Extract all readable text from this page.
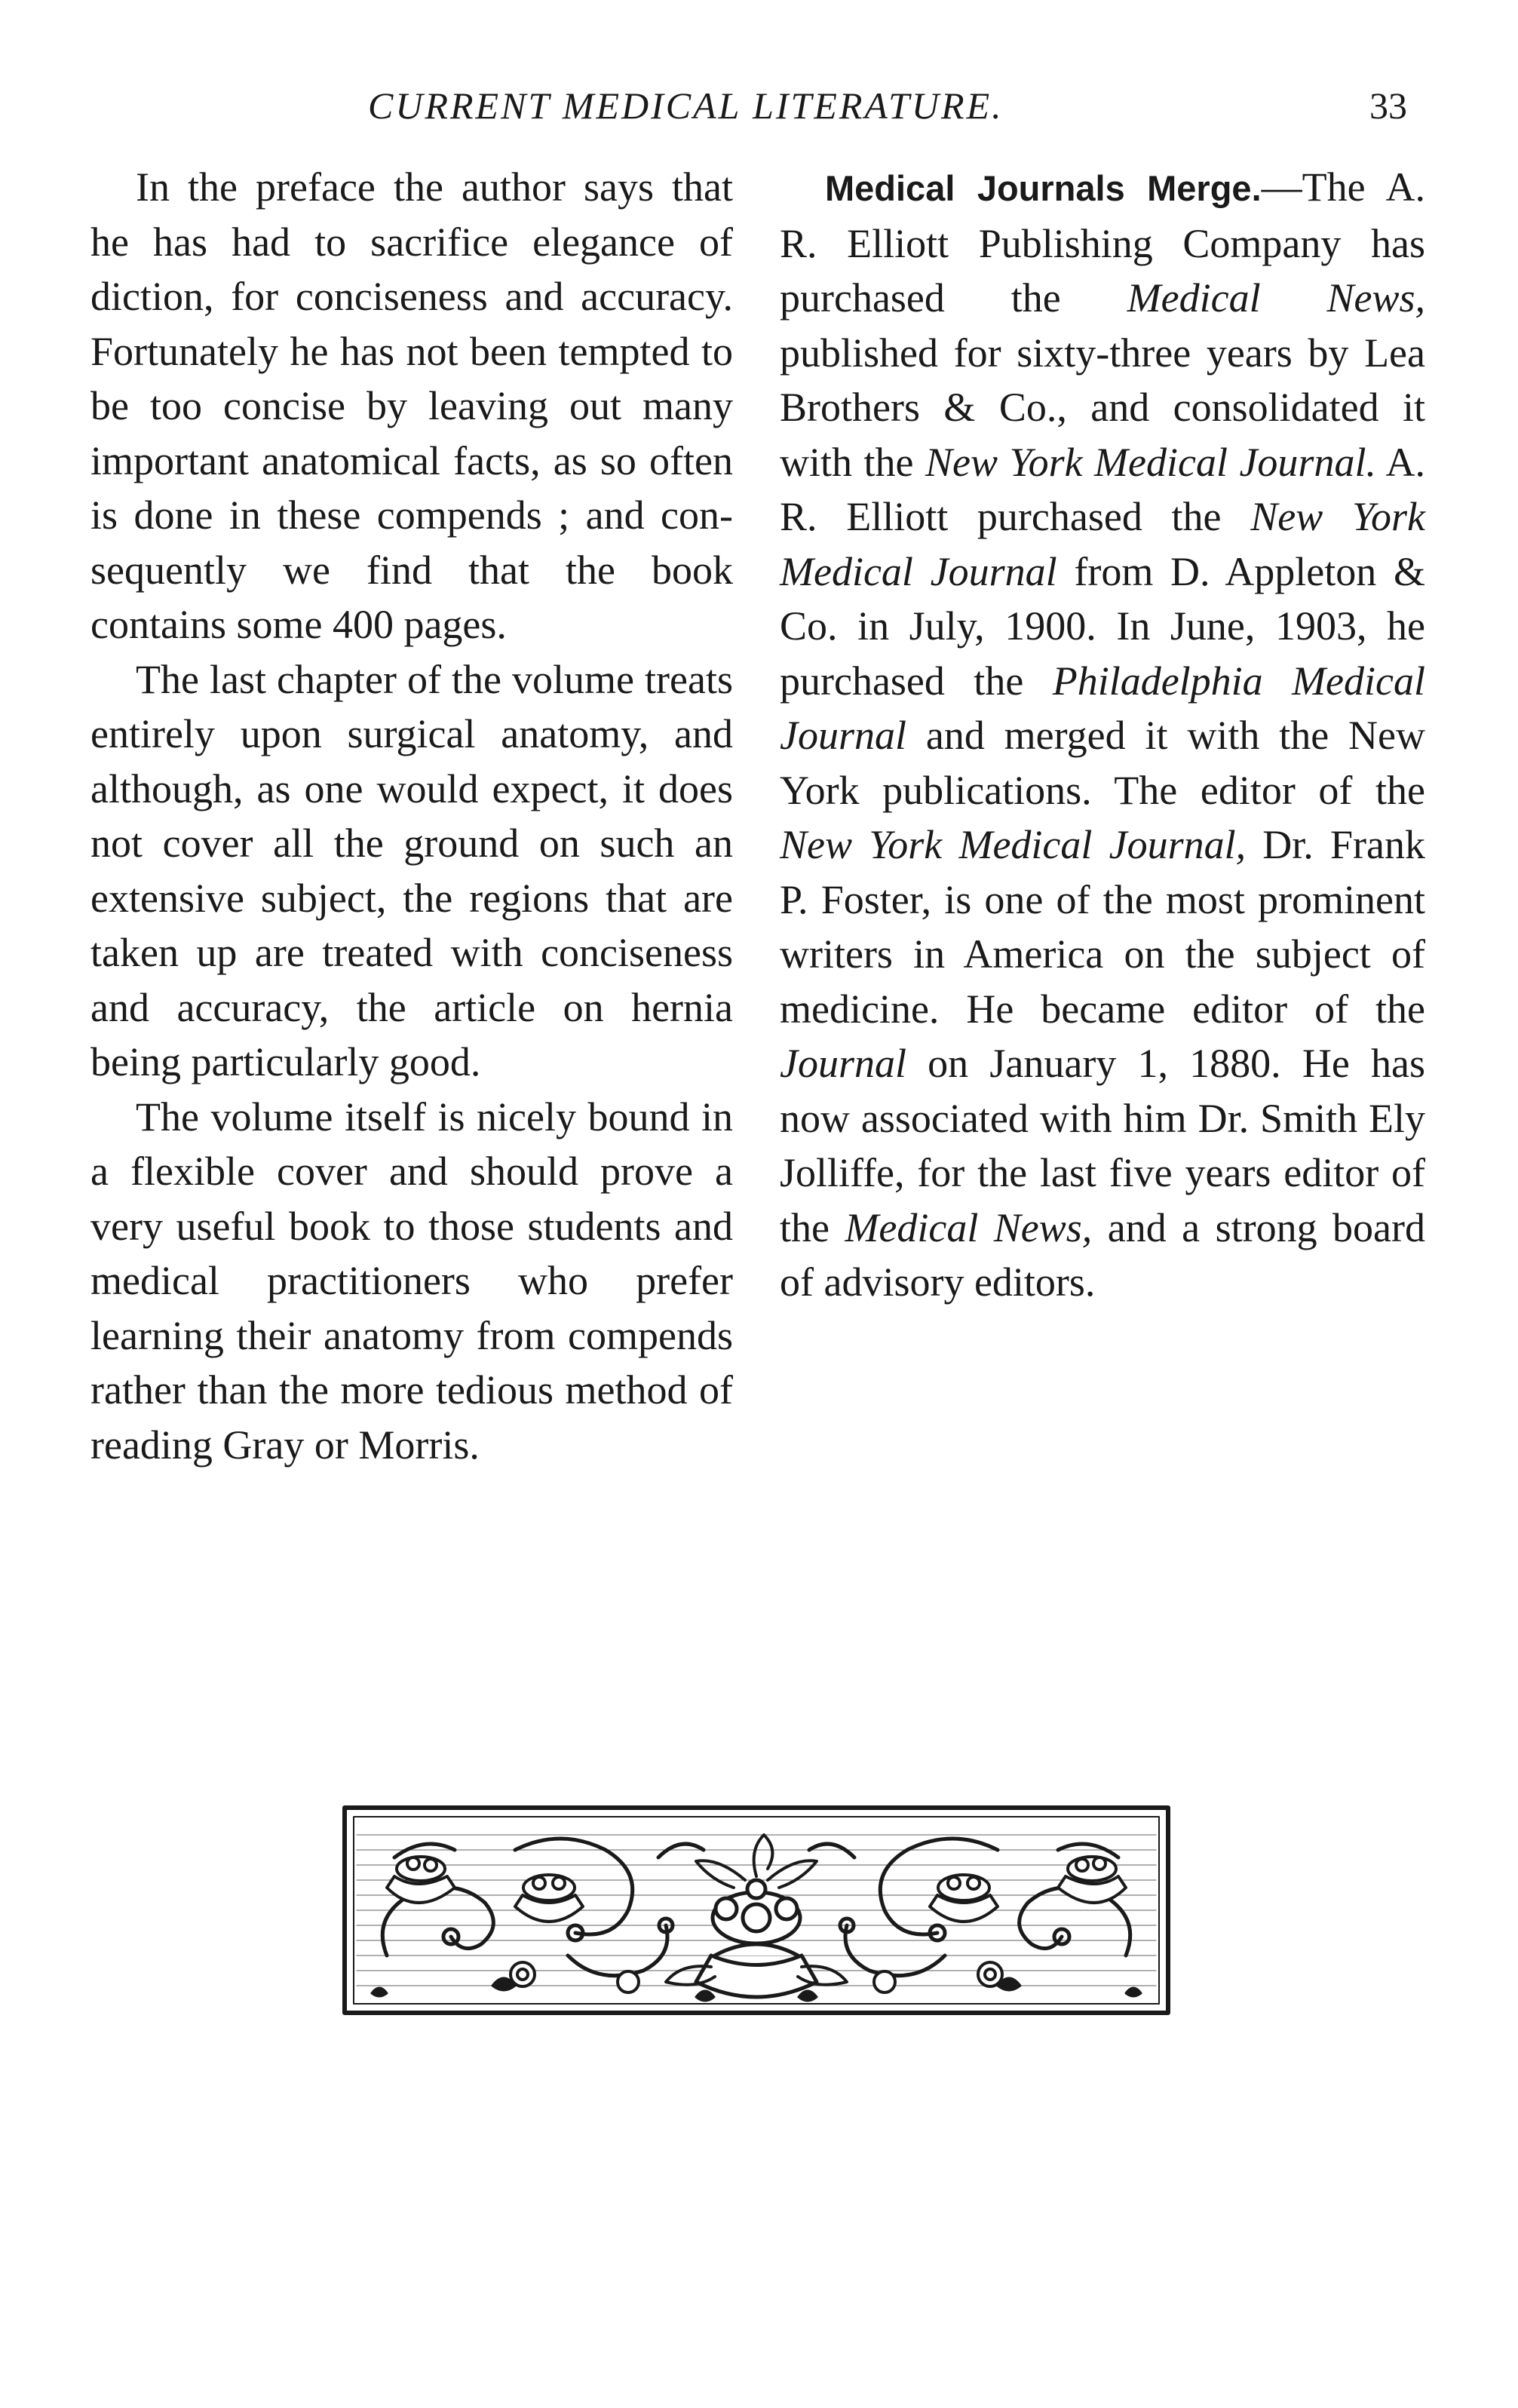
CURRENT MEDICAL LITERATURE.	33

In the preface the author says that he has had to sacrifice elegance of diction, for conciseness and accuracy. Fortunately he has not been tempted to be too concise by leaving out many important anatomical facts, as so often is done in these compends ; and consequently we find that the book contains some 400 pages.

The last chapter of the volume treats entirely upon surgical anatomy, and although, as one would expect, it does not cover all the ground on such an extensive subject, the regions that are taken up are treated with conciseness and accuracy, the article on hernia being particularly good.

The volume itself is nicely bound in a flexible cover and should prove a very useful book to those students and medical practitioners who prefer learning their anatomy from compends rather than the more tedious method of reading Gray or Morris.

Medical Journals Merge.—The A. R. Elliott Publishing Company has purchased the Medical News, published for sixty-three years by Lea Brothers & Co., and consolidated it with the New York Medical Journal. A. R. Elliott purchased the New York Medical Journal from D. Appleton & Co. in July, 1900. In June, 1903, he purchased the Philadelphia Medical Journal and merged it with the New York publications. The editor of the New York Medical Journal, Dr. Frank P. Foster, is one of the most prominent writers in America on the subject of medicine. He became editor of the Journal on January 1, 1880. He has now associated with him Dr. Smith Ely Jolliffe, for the last five years editor of the Medical News, and a strong board of advisory editors.
